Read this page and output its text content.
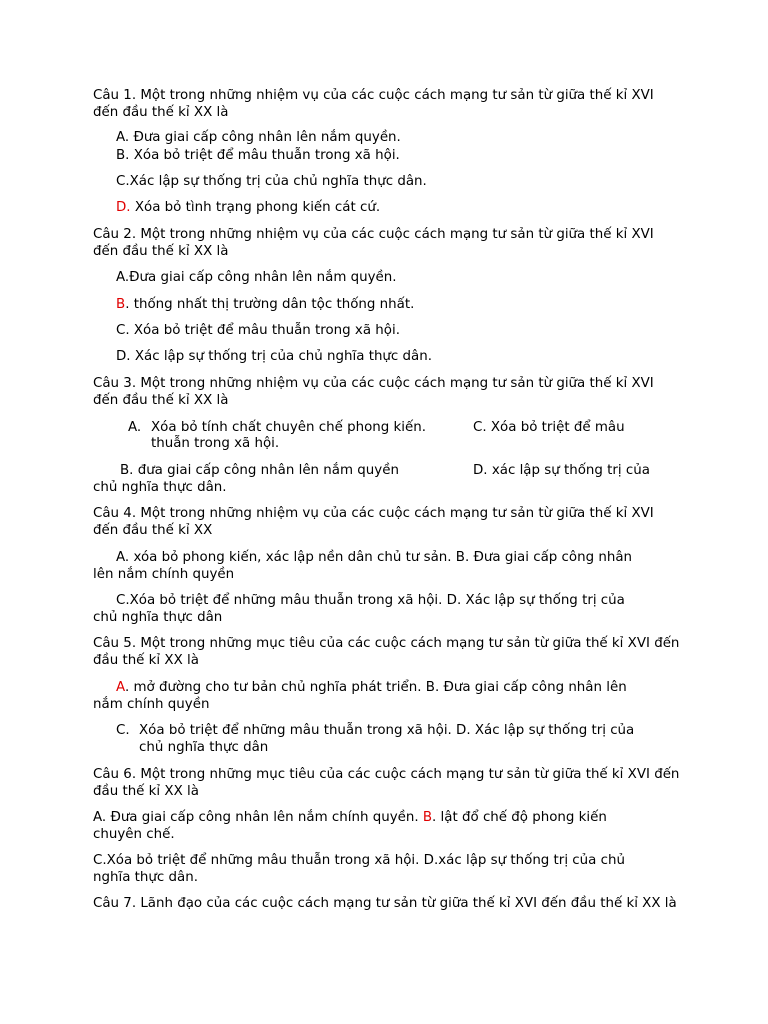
Câu 1. Một trong những nhiệm vụ của các cuộc cách mạng tư sản từ giữa thế kỉ XVI đến đầu thế kỉ XX là
A. Đưa giai cấp công nhân lên nắm quyền.
B. Xóa bỏ triệt để mâu thuẫn trong xã hội.
C.Xác lập sự thống trị của chủ nghĩa thực dân.
D. Xóa bỏ tình trạng phong kiến cát cứ.
Câu 2. Một trong những nhiệm vụ của các cuộc cách mạng tư sản từ giữa thế kỉ XVI đến đầu thế kỉ XX là
A.Đưa giai cấp công nhân lên nắm quyền.
B. thống nhất thị trường dân tộc thống nhất.
C. Xóa bỏ triệt để mâu thuẫn trong xã hội.
D. Xác lập sự thống trị của chủ nghĩa thực dân.
Câu 3. Một trong những nhiệm vụ của các cuộc cách mạng tư sản từ giữa thế kỉ XVI đến đầu thế kỉ XX là
A. Xóa bỏ tính chất chuyên chế phong kiến.	C. Xóa bỏ triệt để mâu
thuẫn trong xã hội.
B. đưa giai cấp công nhân lên nắm quyền	D. xác lập sự thống trị của
chủ nghĩa thực dân.
Câu 4. Một trong những nhiệm vụ của các cuộc cách mạng tư sản từ giữa thế kỉ XVI đến đầu thế kỉ XX
A. xóa bỏ phong kiến, xác lập nền dân chủ tư sản. B. Đưa giai cấp công nhân
lên nắm chính quyền
C.Xóa bỏ triệt để những mâu thuẫn trong xã hội. D. Xác lập sự thống trị của
chủ nghĩa thực dân
Câu 5. Một trong những mục tiêu của các cuộc cách mạng tư sản từ giữa thế kỉ XVI đến đầu thế kỉ XX là
A. mở đường cho tư bản chủ nghĩa phát triển. B. Đưa giai cấp công nhân lên
nắm chính quyền
C. Xóa bỏ triệt để những mâu thuẫn trong xã hội. D. Xác lập sự thống trị của
chủ nghĩa thực dân
Câu 6. Một trong những mục tiêu của các cuộc cách mạng tư sản từ giữa thế kỉ XVI đến đầu thế kỉ XX là
A. Đưa giai cấp công nhân lên nắm chính quyền. B. lật đổ chế độ phong kiến
chuyên chế.
C.Xóa bỏ triệt để những mâu thuẫn trong xã hội. D.xác lập sự thống trị của chủ
nghĩa thực dân.
Câu 7. Lãnh đạo của các cuộc cách mạng tư sản từ giữa thế kỉ XVI đến đầu thế kỉ XX là
